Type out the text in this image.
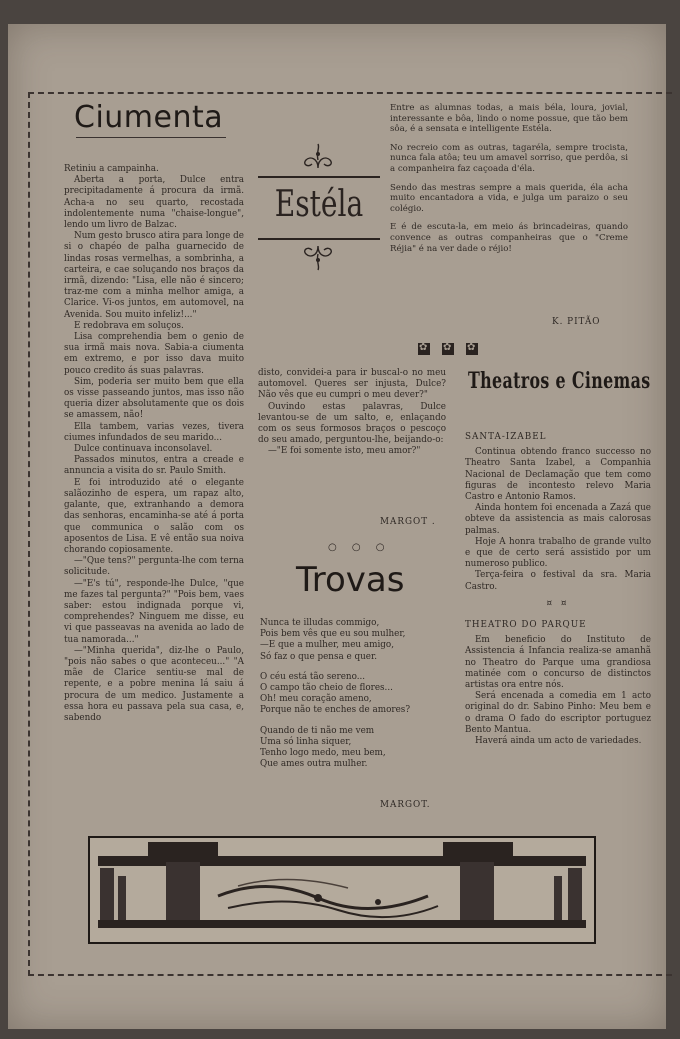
Ciumenta

Retiniu a campainha.

Aberta a porta, Dulce entra precipitadamente á procura da irmã. Acha-a no seu quarto, recostada indolentemente numa "chaise-longue", lendo um livro de Balzac.

Num gesto brusco atira para longe de si o chapéo de palha guarnecido de lindas rosas vermelhas, a sombrinha, a carteira, e cae soluçando nos braços da irmã, dizendo: "Lisa, elle não é sincero; traz-me com a minha melhor amiga, a Clarice. Vi-os juntos, em automovel, na Avenida. Sou muito infeliz!..."

E redobrava em soluços.

Lisa comprehendia bem o genio de sua irmã mais nova. Sabia-a ciumenta em extremo, e por isso dava muito pouco credito ás suas palavras.

Sim, poderia ser muito bem que ella os visse passeando juntos, mas isso não queria dizer absolutamente que os dois se amassem, não!

Ella tambem, varias vezes, tivera ciumes infundados de seu marido...

Dulce continuava inconsolavel.

Passados minutos, entra a creade e annuncia a visita do sr. Paulo Smith.

E foi introduzido até o elegante salãozinho de espera, um rapaz alto, galante, que, extranhando a demora das senhoras, encaminha-se até á porta que communica o salão com os aposentos de Lisa. E vê então sua noiva chorando copiosamente.

—"Que tens?" pergunta-lhe com terna solicitude.

—"E's tú", responde-lhe Dulce, "que me fazes tal pergunta?" "Pois bem, vaes saber: estou indignada porque vi, comprehendes? Ninguem me disse, eu vi que passeavas na avenida ao lado de tua namorada..."

—"Minha querida", diz-lhe o Paulo, "pois não sabes o que aconteceu..." "A mãe de Clarice sentiu-se mal de repente, e a pobre menina lá saiu á procura de um medico. Justamente a essa hora eu passava pela sua casa, e, sabendo

Estéla

Entre as alumnas todas, a mais béla, loura, jovial, interessante e bôa, lindo o nome possue, que tão bem sôa, é a sensata e intelligente Estéla.

No recreio com as outras, tagaréla, sempre trocista, nunca fala atôa; teu um amavel sorriso, que perdôa, si a companheira faz caçoada d'éla.

Sendo das mestras sempre a mais querida, éla acha muito encantadora a vida, e julga um paraizo o seu colégio.

E é de escuta-la, em meio ás brincadeiras, quando convence as outras companheiras que o "Creme Réjia" é na ver dade o réjio!

K. PITÃO
✿✿✿

disto, convidei-a para ir buscal-o no meu automovel. Queres ser injusta, Dulce? Não vês que eu cumpri o meu dever?"

Ouvindo estas palavras, Dulce levantou-se de um salto, e, enlaçando com os seus formosos braços o pescoço do seu amado, perguntou-lhe, beijando-o:

—"E foi somente isto, meu amor?"

MARGOT .
○ ○ ○
Trovas
Nunca te illudas commigo,
Pois bem vês que eu sou mulher,
—E que a mulher, meu amigo,
Só faz o que pensa e quer.
O céu está tão sereno...
O campo tão cheio de flores...
Oh! meu coração ameno,
Porque não te enches de amores?
Quando de ti não me vem
Uma só linha siquer,
Tenho logo medo, meu bem,
Que ames outra mulher.
MARGOT.
Theatros e Cinemas

SANTA-IZABEL

Continua obtendo franco successo no Theatro Santa Izabel, a Companhia Nacional de Declamação que tem como figuras de incontesto relevo Maria Castro e Antonio Ramos.

Ainda hontem foi encenada a Zazá que obteve da assistencia as mais calorosas palmas.

Hoje A honra trabalho de grande vulto e que de certo será assistido por um numeroso publico.

Terça-feira o festival da sra. Maria Castro.

¤ ¤

THEATRO DO PARQUE

Em beneficio do Instituto de Assistencia á Infancia realiza-se amanhã no Theatro do Parque uma grandiosa matinée com o concurso de distinctos artistas ora entre nós.

Será encenada a comedia em 1 acto original do dr. Sabino Pinho: Meu bem e o drama O fado do escriptor portuguez Bento Mantua.

Haverá ainda um acto de variedades.
